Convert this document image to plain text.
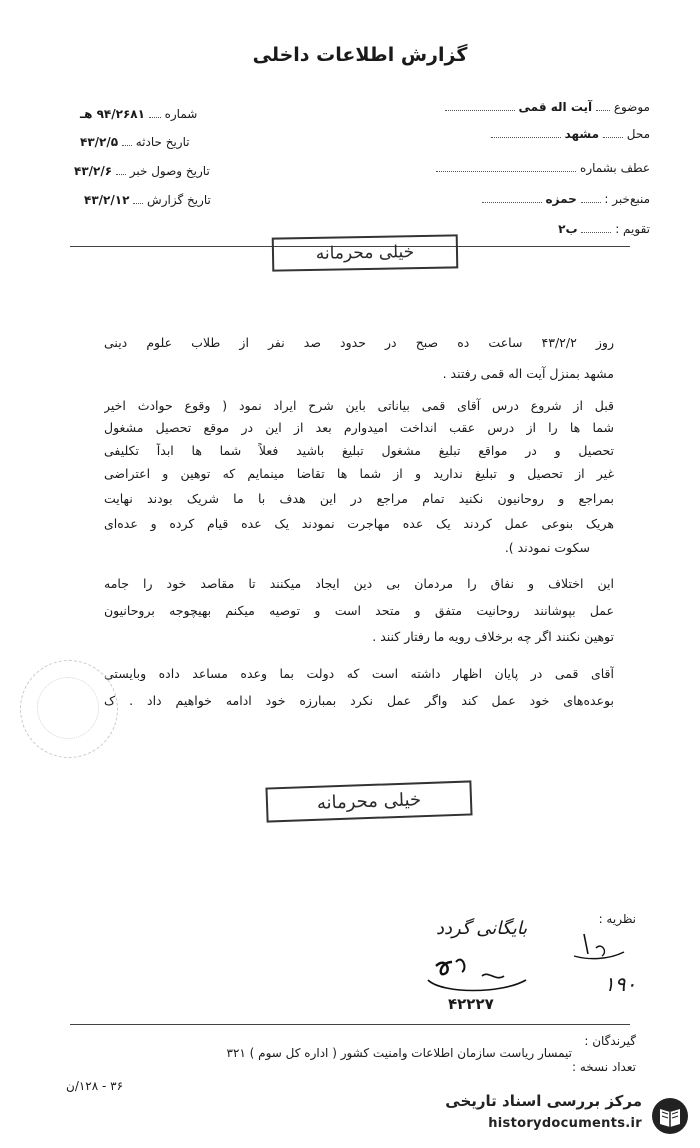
گزارش اطلاعات داخلی
موضوع  آیت اله قمی
محل  مشهد
عطف بشماره
منبع‌خبر :  حمزه
تقویم :  ب۲
شماره  ۹۴/۲۶۸۱ هـ
تاریخ حادثه  ۴۳/۲/۵
تاریخ وصول خبر  ۴۳/۲/۶
تاریخ گزارش  ۴۳/۲/۱۲
خیلی محرمانه
روز ۴۳/۲/۲ ساعت ده صبح در حدود صد نفر از طلاب علوم دینی
مشهد بمنزل آیت اله قمی رفتند .
قبل از شروع درس آقای قمی بیاناتی باین شرح ایراد نمود ( وقوع حوادث اخیر
شما ها را از درس عقب انداخت امیدوارم بعد از این در موقع تحصیل مشغول
تحصیل و در مواقع تبلیغ مشغول تبلیغ باشید فعلاً شما ها ابداً تکلیفی
غیر از تحصیل و تبلیغ ندارید و از شما ها تقاضا مینمایم که توهین و اعتراضی
بمراجع و روحانیون نکنید تمام مراجع در این هدف با ما شریک بودند نهایت
هریک بنوعی عمل کردند یک عده مهاجرت نمودند یک عده قیام کرده و عده‌ای
سکوت نمودند ).
این اختلاف و نفاق را مردمان بی دین ایجاد میکنند تا مقاصد خود را جامه
عمل بپوشانند روحانیت متفق و متحد است و توصیه میکنم بهیچوجه بروحانیون
توهین نکنند اگر چه برخلاف رویه ما رفتار کنند .
آقای قمی در پایان اظهار داشته است که دولت بما وعده مساعد داده وبایستی
بوعده‌های خود عمل کند واگر عمل نکرد بمبارزه خود ادامه خواهیم داد . ک
خیلی محرمانه
نظریه :
بایگانی گردد
۴۲۲۲۷
۱۹۰
گیرندگان :
تیمسار ریاست سازمان اطلاعات وامنیت کشور ( اداره کل سوم ) ۳۲۱
تعداد نسخه :
۳۶ - ۱۲۸/ن
مرکز بررسی اسناد تاریخی
historydocuments.ir
